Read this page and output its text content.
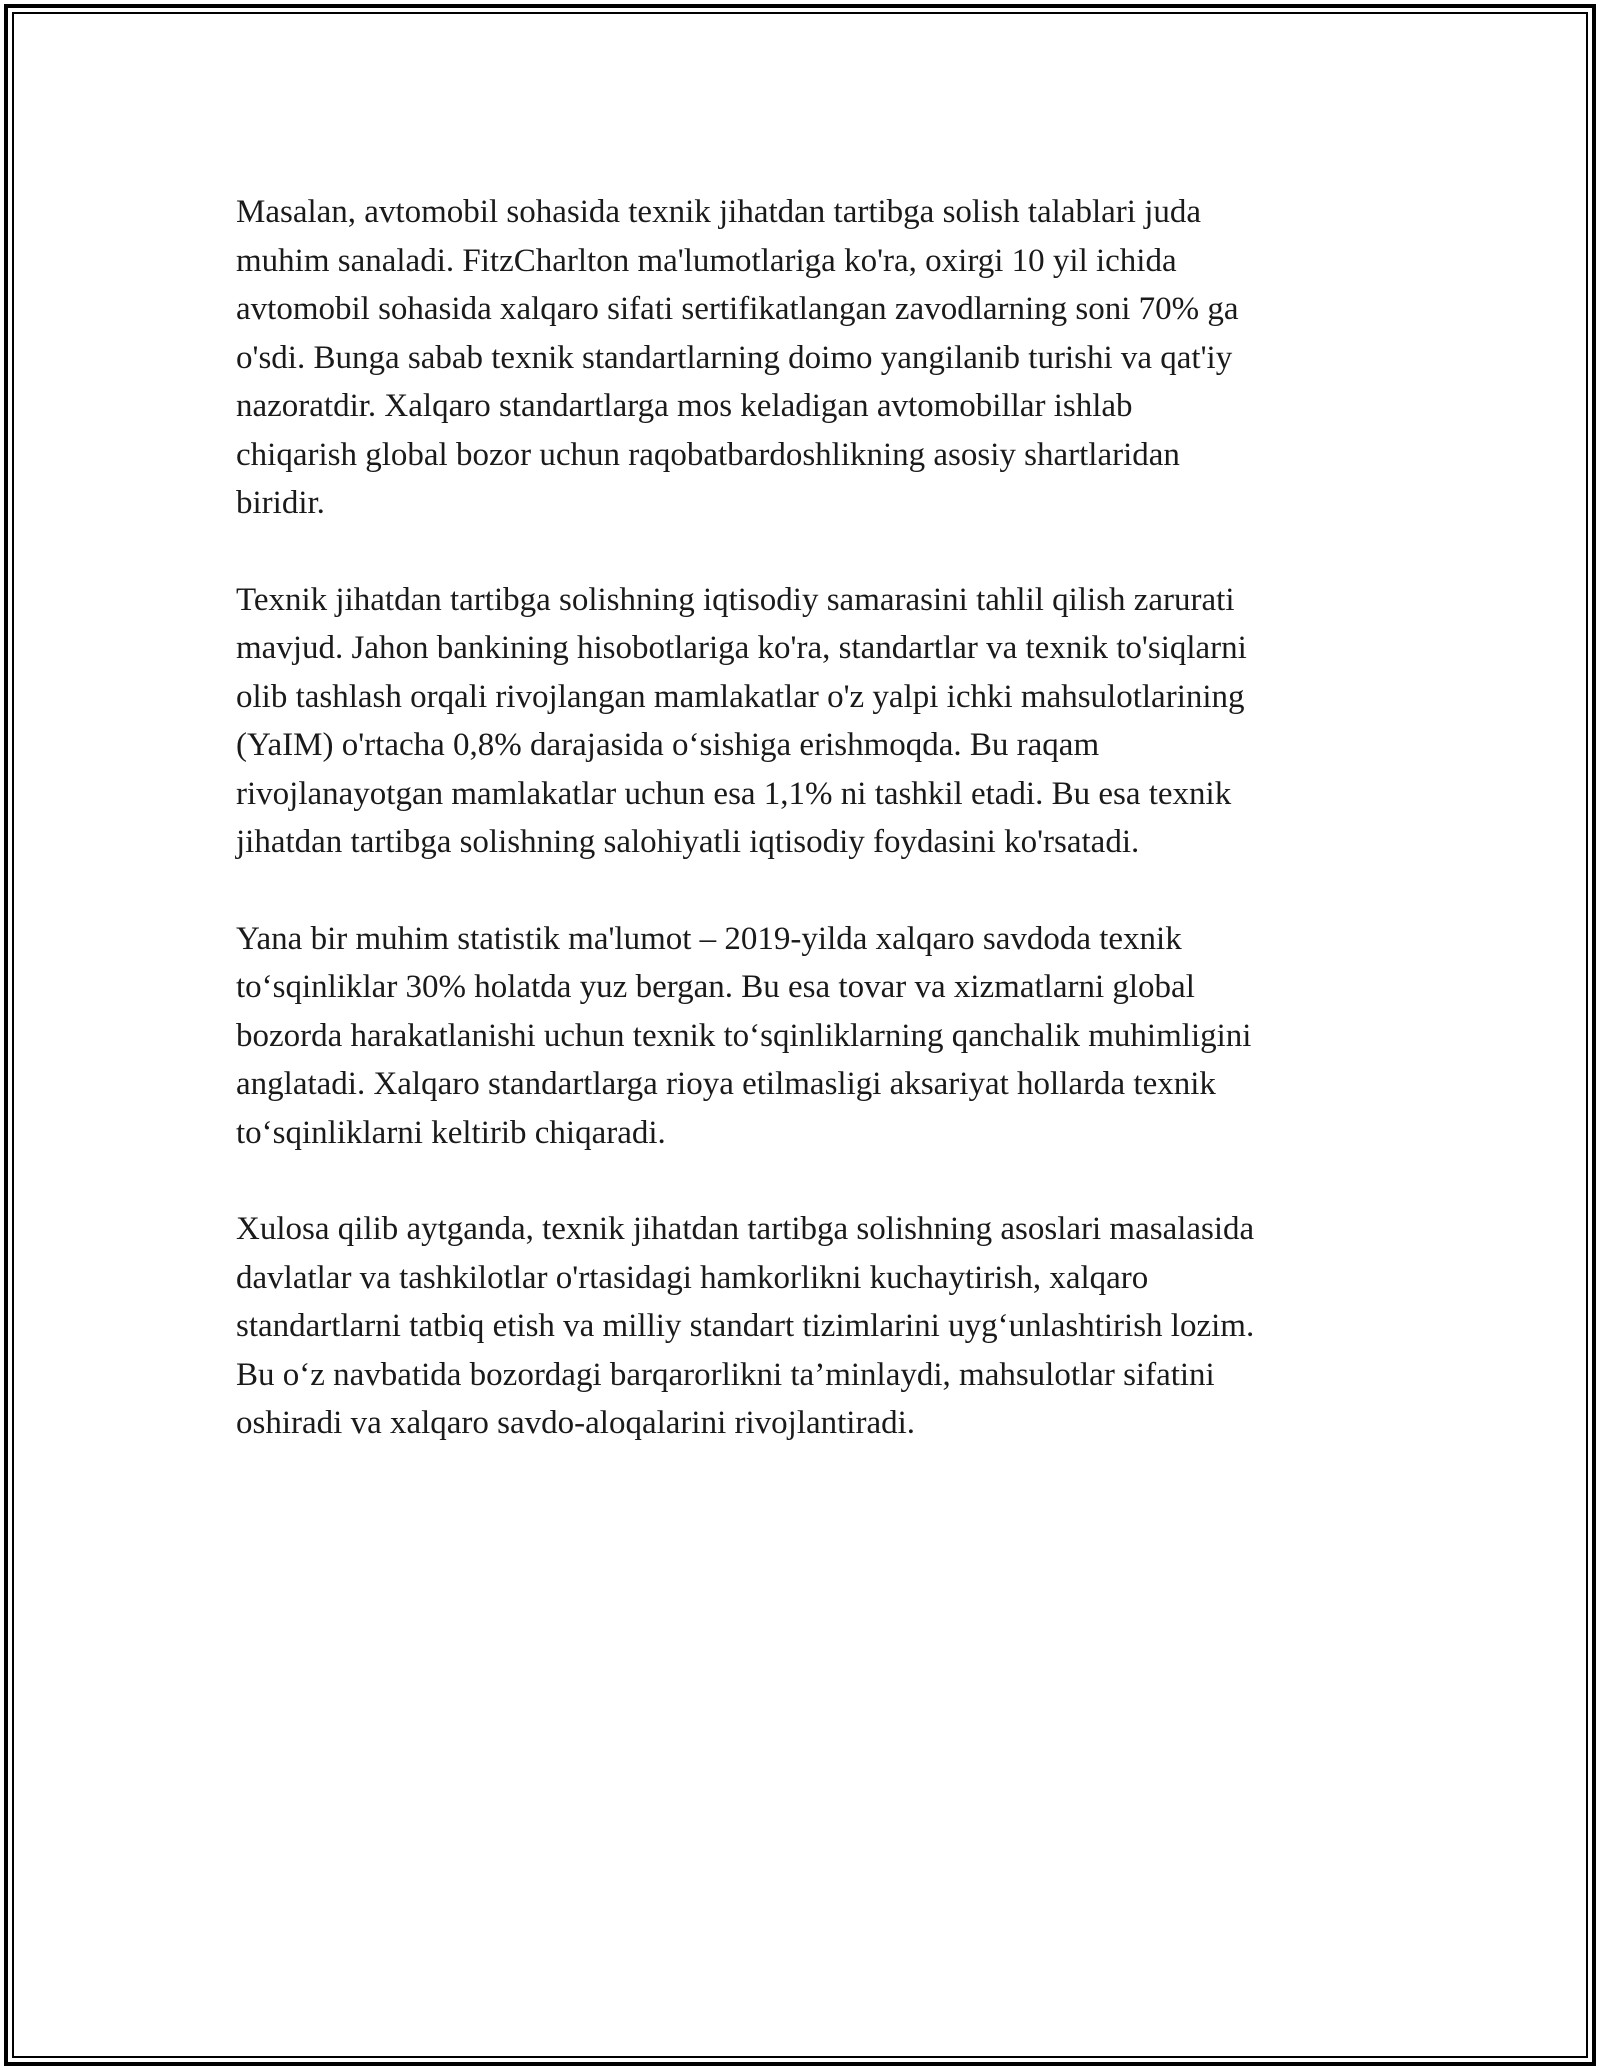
Masalan, avtomobil sohasida texnik jihatdan tartibga solish talablari juda
muhim sanaladi. FitzCharlton ma'lumotlariga ko'ra, oxirgi 10 yil ichida
avtomobil sohasida xalqaro sifati sertifikatlangan zavodlarning soni 70% ga
o'sdi. Bunga sabab texnik standartlarning doimo yangilanib turishi va qat'iy
nazoratdir. Xalqaro standartlarga mos keladigan avtomobillar ishlab
chiqarish global bozor uchun raqobatbardoshlikning asosiy shartlaridan
biridir.

Texnik jihatdan tartibga solishning iqtisodiy samarasini tahlil qilish zarurati
mavjud. Jahon bankining hisobotlariga ko'ra, standartlar va texnik to'siqlarni
olib tashlash orqali rivojlangan mamlakatlar o'z yalpi ichki mahsulotlarining
(YaIM) o'rtacha 0,8% darajasida o‘sishiga erishmoqda. Bu raqam
rivojlanayotgan mamlakatlar uchun esa 1,1% ni tashkil etadi. Bu esa texnik
jihatdan tartibga solishning salohiyatli iqtisodiy foydasini ko'rsatadi.

Yana bir muhim statistik ma'lumot – 2019-yilda xalqaro savdoda texnik
to‘sqinliklar 30% holatda yuz bergan. Bu esa tovar va xizmatlarni global
bozorda harakatlanishi uchun texnik to‘sqinliklarning qanchalik muhimligini
anglatadi. Xalqaro standartlarga rioya etilmasligi aksariyat hollarda texnik
to‘sqinliklarni keltirib chiqaradi.

Xulosa qilib aytganda, texnik jihatdan tartibga solishning asoslari masalasida
davlatlar va tashkilotlar o'rtasidagi hamkorlikni kuchaytirish, xalqaro
standartlarni tatbiq etish va milliy standart tizimlarini uyg‘unlashtirish lozim.
Bu o‘z navbatida bozordagi barqarorlikni ta’minlaydi, mahsulotlar sifatini
oshiradi va xalqaro savdo-aloqalarini rivojlantiradi.
